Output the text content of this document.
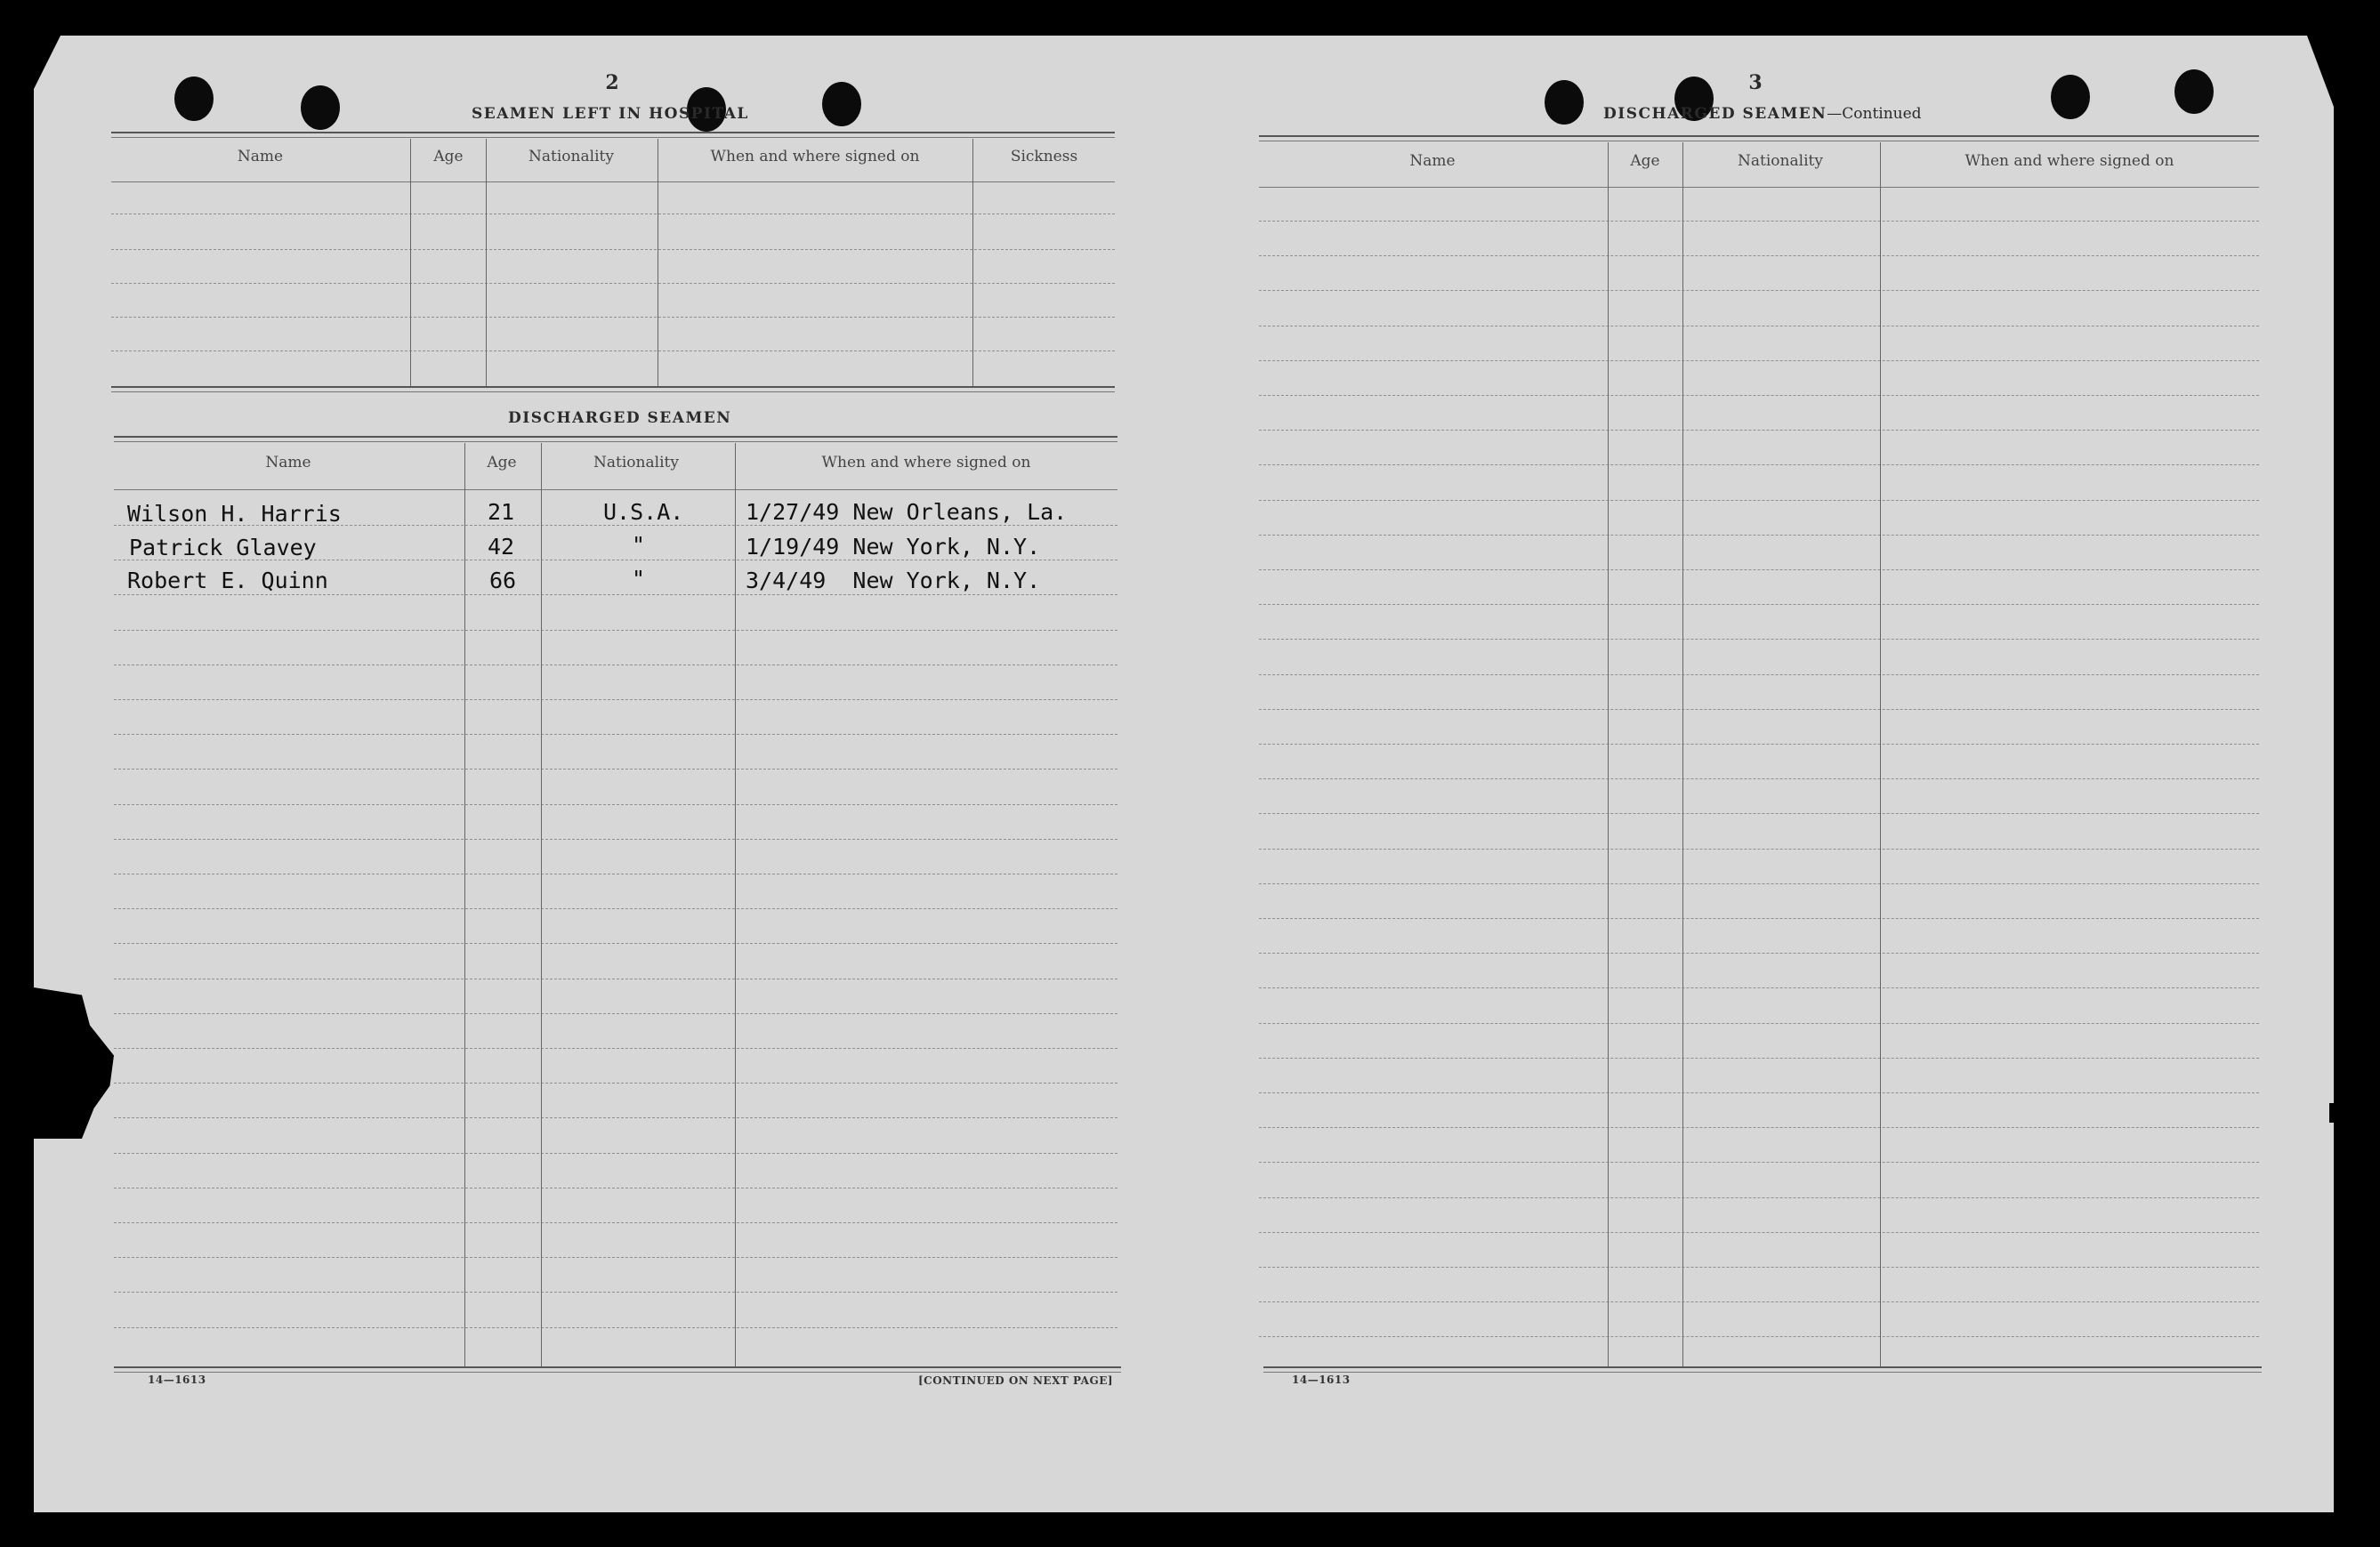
2
SEAMEN LEFT IN HOSPITAL
Name	Age	Nationality	When and where signed on	Sickness
DISCHARGED SEAMEN
Name	Age	Nationality	When and where signed on
Wilson H. Harris	21	U.S.A.	1/27/49 New Orleans, La.
Patrick Glavey	42	"	1/19/49 New York, N.Y.
Robert E. Quinn	66	"	3/4/49  New York, N.Y.
14—1613	[CONTINUED ON NEXT PAGE]
3
DISCHARGED SEAMEN—Continued
Name	Age	Nationality	When and where signed on
14—1613
